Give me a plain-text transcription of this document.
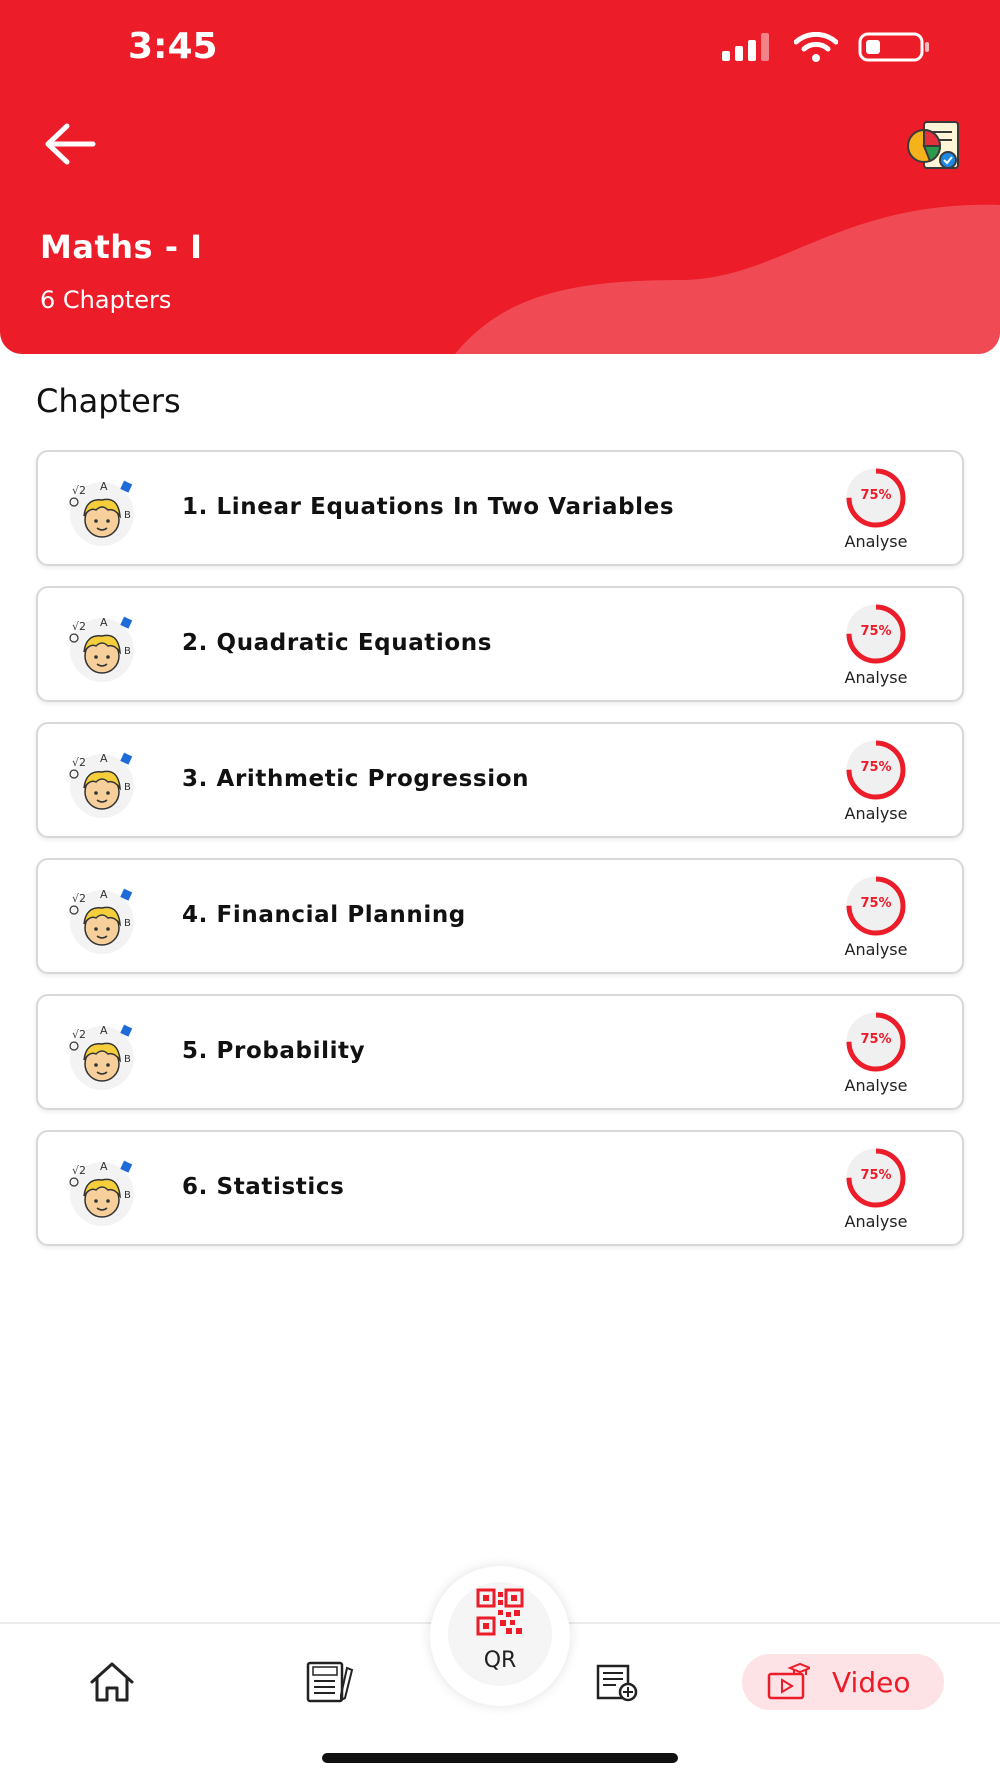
3:45
Maths - I
6 Chapters
Chapters
√2 A
B 1. Linear Equations In Two Variables	75%
Analyse
√2 A
B 2. Quadratic Equations	75%
Analyse
√2 A
B 3. Arithmetic Progression	75%
Analyse
√2 A
B 4. Financial Planning	75%
Analyse
√2 A
B 5. Probability	75%
Analyse
√2 A
B 6. Statistics	75%
Analyse
Video
QR
